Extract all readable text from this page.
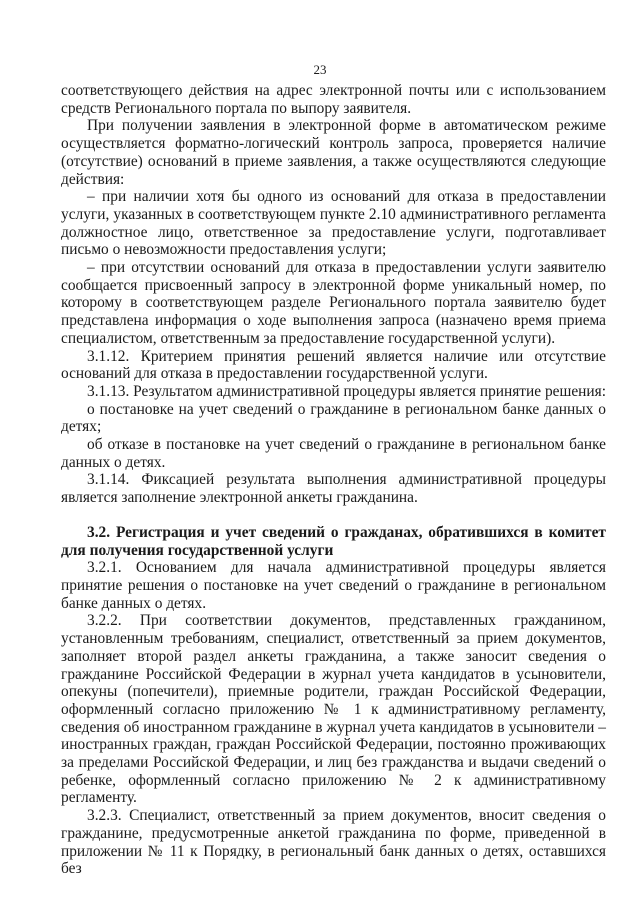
23

соответствующего действия на адрес электронной почты или с использованием средств Регионального портала по выпору заявителя.

При получении заявления в электронной форме в автоматическом режиме осуществляется форматно-логический контроль запроса, проверяется наличие (отсутствие) оснований в приеме заявления, а также осуществляются следующие действия:

– при наличии хотя бы одного из оснований для отказа в предоставлении услуги, указанных в соответствующем пункте 2.10 административного регламента должностное лицо, ответственное за предоставление услуги, подготавливает письмо о невозможности предоставления услуги;

– при отсутствии оснований для отказа в предоставлении услуги заявителю сообщается присвоенный запросу в электронной форме уникальный номер, по которому в соответствующем разделе Регионального портала заявителю будет представлена информация о ходе выполнения запроса (назначено время приема специалистом, ответственным за предоставление государственной услуги).

3.1.12. Критерием принятия решений является наличие или отсутствие оснований для отказа в предоставлении государственной услуги.

3.1.13. Результатом административной процедуры является принятие решения:

о постановке на учет сведений о гражданине в региональном банке данных о детях;

об отказе в постановке на учет сведений о гражданине в региональном банке данных о детях.

3.1.14. Фиксацией результата выполнения административной процедуры является заполнение электронной анкеты гражданина.

3.2. Регистрация и учет сведений о гражданах, обратившихся в комитет для получения государственной услуги

3.2.1. Основанием для начала административной процедуры является принятие решения о постановке на учет сведений о гражданине в региональном банке данных о детях.

3.2.2. При соответствии документов, представленных гражданином, установленным требованиям, специалист, ответственный за прием документов, заполняет второй раздел анкеты гражданина, а также заносит сведения о гражданине Российской Федерации в журнал учета кандидатов в усыновители, опекуны (попечители), приемные родители, граждан Российской Федерации, оформленный согласно приложению № 1 к административному регламенту, сведения об иностранном гражданине в журнал учета кандидатов в усыновители – иностранных граждан, граждан Российской Федерации, постоянно проживающих за пределами Российской Федерации, и лиц без гражданства и выдачи сведений о ребенке, оформленный согласно приложению № 2 к административному регламенту.

3.2.3. Специалист, ответственный за прием документов, вносит сведения о гражданине, предусмотренные анкетой гражданина по форме, приведенной в приложении № 11 к Порядку, в региональный банк данных о детях, оставшихся без
